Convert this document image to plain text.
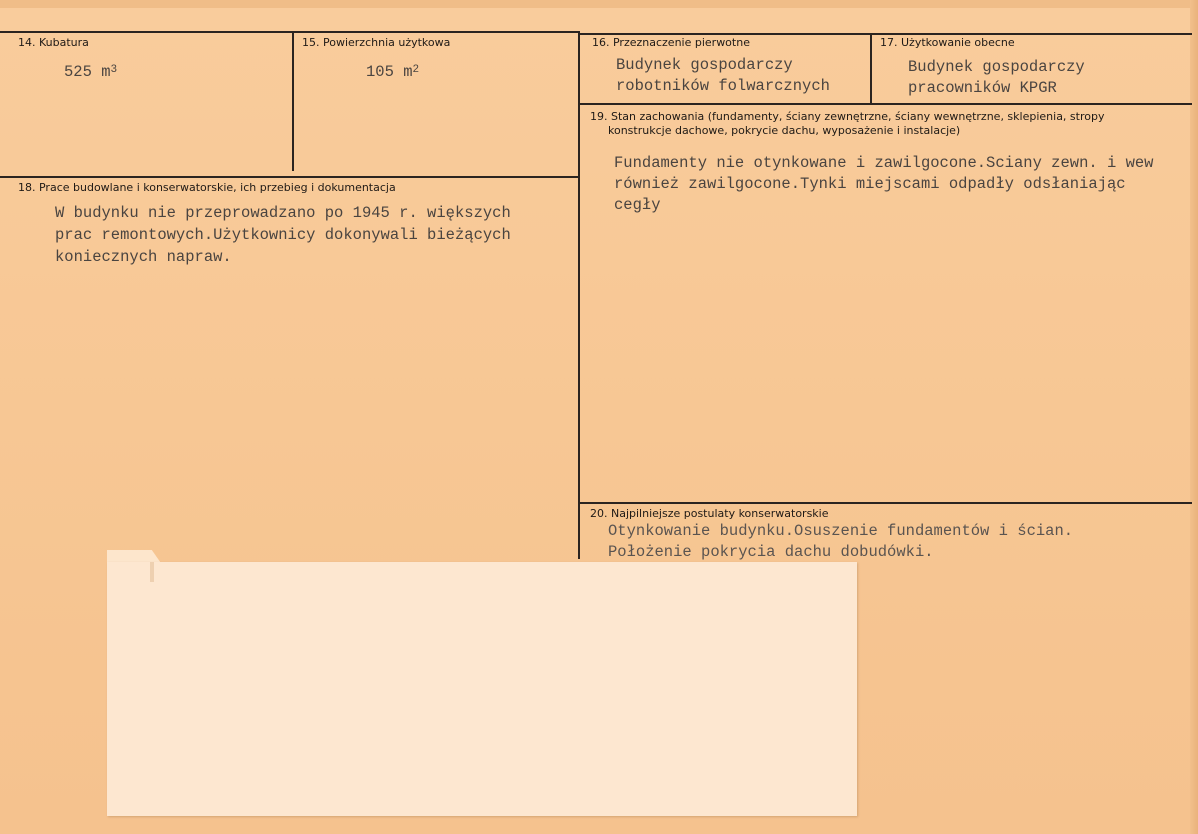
14. Kubatura
525 $m^3$
15. Powierzchnia użytkowa
105 $m^2$
16. Przeznaczenie pierwotne
Budynek gospodarczy
robotników folwarcznych
17. Użytkowanie obecne
Budynek gospodarczy
pracowników KPGR
18. Prace budowlane i konserwatorskie, ich przebieg i dokumentacja
W budynku nie przeprowadzano po 1945 r. większych
prac remontowych.Użytkownicy dokonywali bieżących
koniecznych napraw.
19. Stan zachowania (fundamenty, ściany zewnętrzne, ściany wewnętrzne, sklepienia, stropy
konstrukcje dachowe, pokrycie dachu, wyposażenie i instalacje)
Fundamenty nie otynkowane i zawilgocone.Sciany zewn. i wew
również zawilgocone.Tynki miejscami odpadły odsłaniając
cegły
20. Najpilniejsze postulaty konserwatorskie
Otynkowanie budynku.Osuszenie fundamentów i ścian.
Położenie pokrycia dachu dobudówki.
